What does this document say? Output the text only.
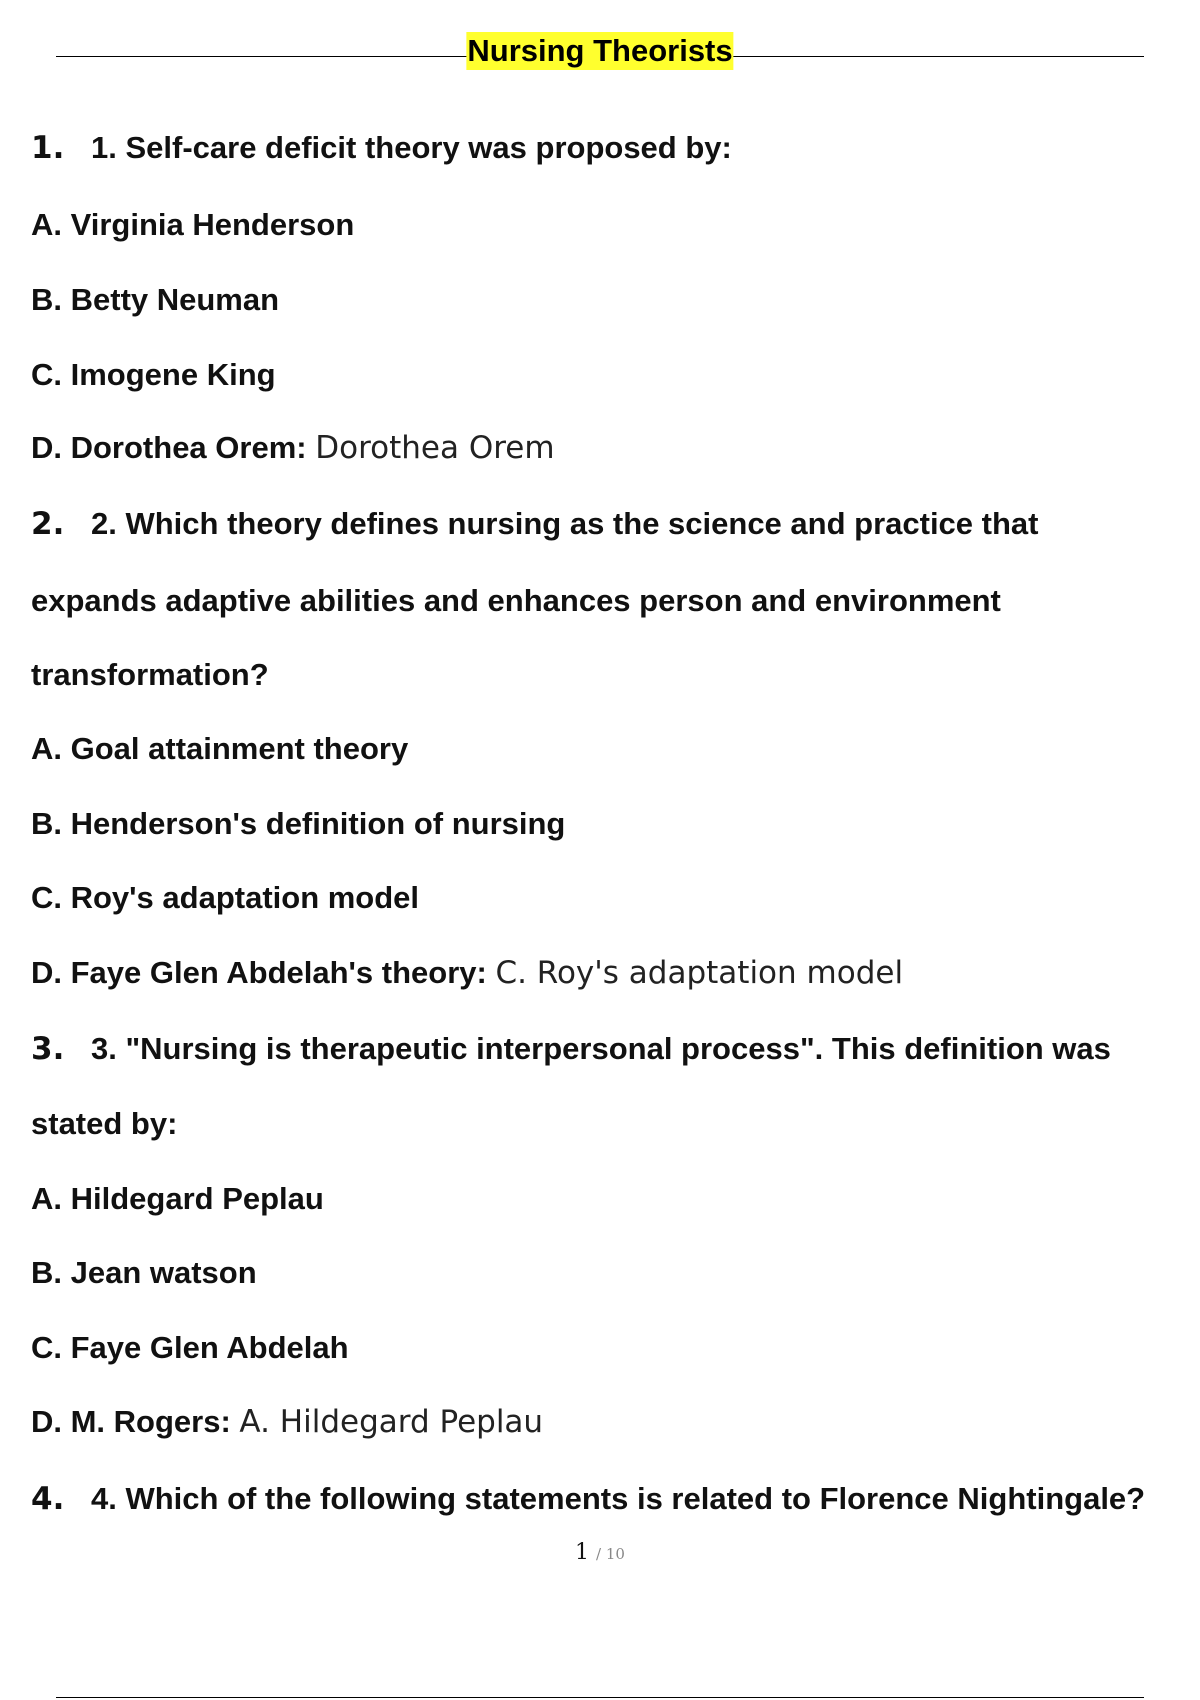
Nursing Theorists
1. 1. Self-care deficit theory was proposed by:
A. Virginia Henderson
B. Betty Neuman
C. Imogene King
D. Dorothea Orem: Dorothea Orem
2. 2. Which theory defines nursing as the science and practice that
expands adaptive abilities and enhances person and environment
transformation?
A. Goal attainment theory
B. Henderson's definition of nursing
C. Roy's adaptation model
D. Faye Glen Abdelah's theory: C. Roy's adaptation model
3. 3. "Nursing is therapeutic interpersonal process". This definition was
stated by:
A. Hildegard Peplau
B. Jean watson
C. Faye Glen Abdelah
D. M. Rogers: A. Hildegard Peplau
4. 4. Which of the following statements is related to Florence Nightingale?
1 / 10
